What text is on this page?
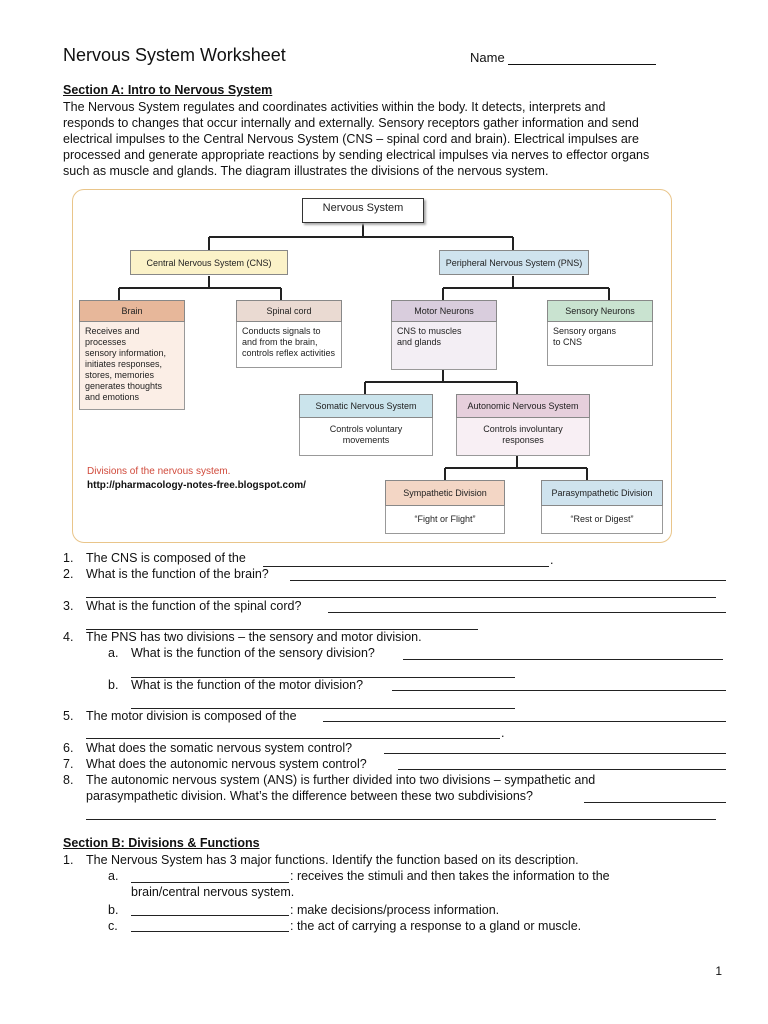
Nervous System Worksheet	Name
Section A: Intro to Nervous System

The Nervous System regulates and coordinates activities within the body. It detects, interprets and

responds to changes that occur internally and externally. Sensory receptors gather information and send

electrical impulses to the Central Nervous System (CNS – spinal cord and brain). Electrical impulses are

processed and generate appropriate reactions by sending electrical impulses via nerves to effector organs

such as muscle and glands. The diagram illustrates the divisions of the nervous system.

Nervous System
Central Nervous System (CNS)	Peripheral Nervous System (PNS)
Brain
Receives and processes
sensory information,
initiates responses,
stores, memories
generates thoughts
and emotions
Spinal cord
Conducts signals to
and from the brain,
controls reflex activities
Motor Neurons
CNS to muscles
and glands
Sensory Neurons
Sensory organs
to CNS
Somatic Nervous System
Controls voluntary
movements
Autonomic Nervous System
Controls involuntary
responses
Divisions of the nervous system.
http://pharmacology-notes-free.blogspot.com/
Sympathetic Division
“Fight or Flight”
Parasympathetic Division
“Rest or Digest”
1. The CNS is composed of the	.
2. What is the function of the brain?
3. What is the function of the spinal cord?
4. The PNS has two divisions – the sensory and motor division.
a. What is the function of the sensory division?
b. What is the function of the motor division?
5. The motor division is composed of the
.
6. What does the somatic nervous system control?
7. What does the autonomic nervous system control?
8. The autonomic nervous system (ANS) is further divided into two divisions – sympathetic and
parasympathetic division. What’s the difference between these two subdivisions?
Section B: Divisions & Functions
1. The Nervous System has 3 major functions. Identify the function based on its description.
a.	: receives the stimuli and then takes the information to the
brain/central nervous system.
b.	: make decisions/process information.
c.	: the act of carrying a response to a gland or muscle.
1
